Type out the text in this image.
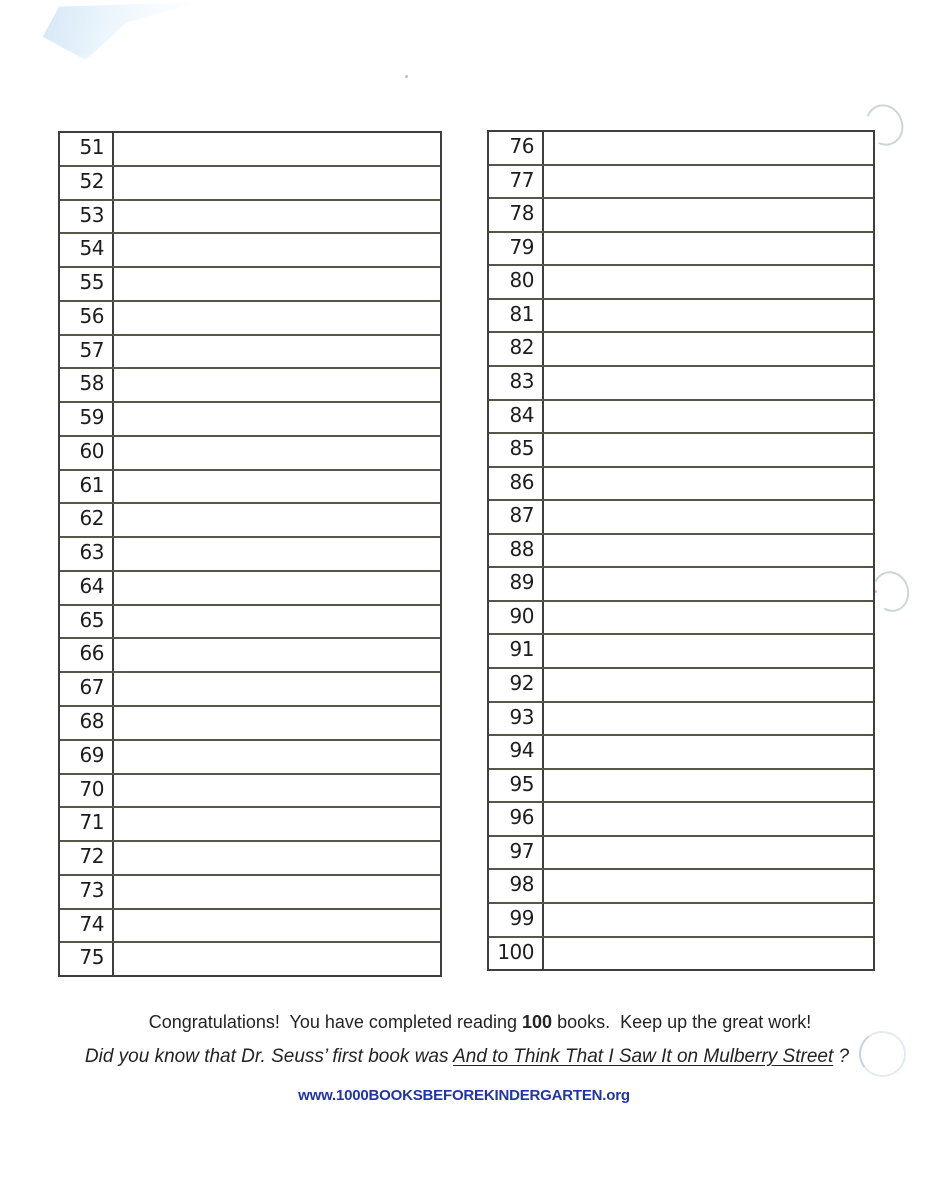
51
52
53
54
55
56
57
58
59
60
61
62
63
64
65
66
67
68
69
70
71
72
73
74
75
76
77
78
79
80
81
82
83
84
85
86
87
88
89
90
91
92
93
94
95
96
97
98
99
100
Congratulations!  You have completed reading 100 books.  Keep up the great work!
Did you know that Dr. Seuss’ first book was And to Think That I Saw It on Mulberry Street ?
www.1000BOOKSBEFOREKINDERGARTEN.org
